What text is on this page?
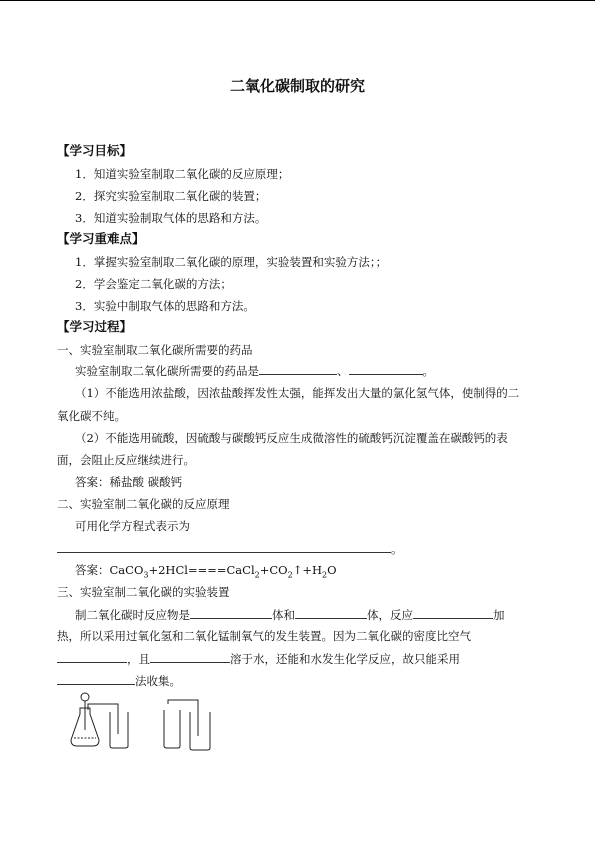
二氧化碳制取的研究
【学习目标】
1．知道实验室制取二氧化碳的反应原理；
2．探究实验室制取二氧化碳的装置；
3．知道实验制取气体的思路和方法。
【学习重难点】
1．掌握实验室制取二氧化碳的原理，实验装置和实验方法；；
2．学会鉴定二氧化碳的方法；
3．实验中制取气体的思路和方法。
【学习过程】
一、实验室制取二氧化碳所需要的药品
实验室制取二氧化碳所需要的药品是	、	。
（1）不能选用浓盐酸，因浓盐酸挥发性太强，能挥发出大量的氯化氢气体，使制得的二
氧化碳不纯。
（2）不能选用硫酸，因硫酸与碳酸钙反应生成微溶性的硫酸钙沉淀覆盖在碳酸钙的表
面，会阻止反应继续进行。
答案：稀盐酸 碳酸钙
二、实验室制二氧化碳的反应原理
可用化学方程式表示为
。
答案：$CaCO_3+2HCl====CaCl_2+CO_2↑+H_2O$
三、实验室制二氧化碳的实验装置
制二氧化碳时反应物是	体和	体，反应	加
热，所以采用过氧化氢和二氧化锰制氧气的发生装置。因为二氧化碳的密度比空气
，且	溶于水，还能和水发生化学反应，故只能采用
法收集。
